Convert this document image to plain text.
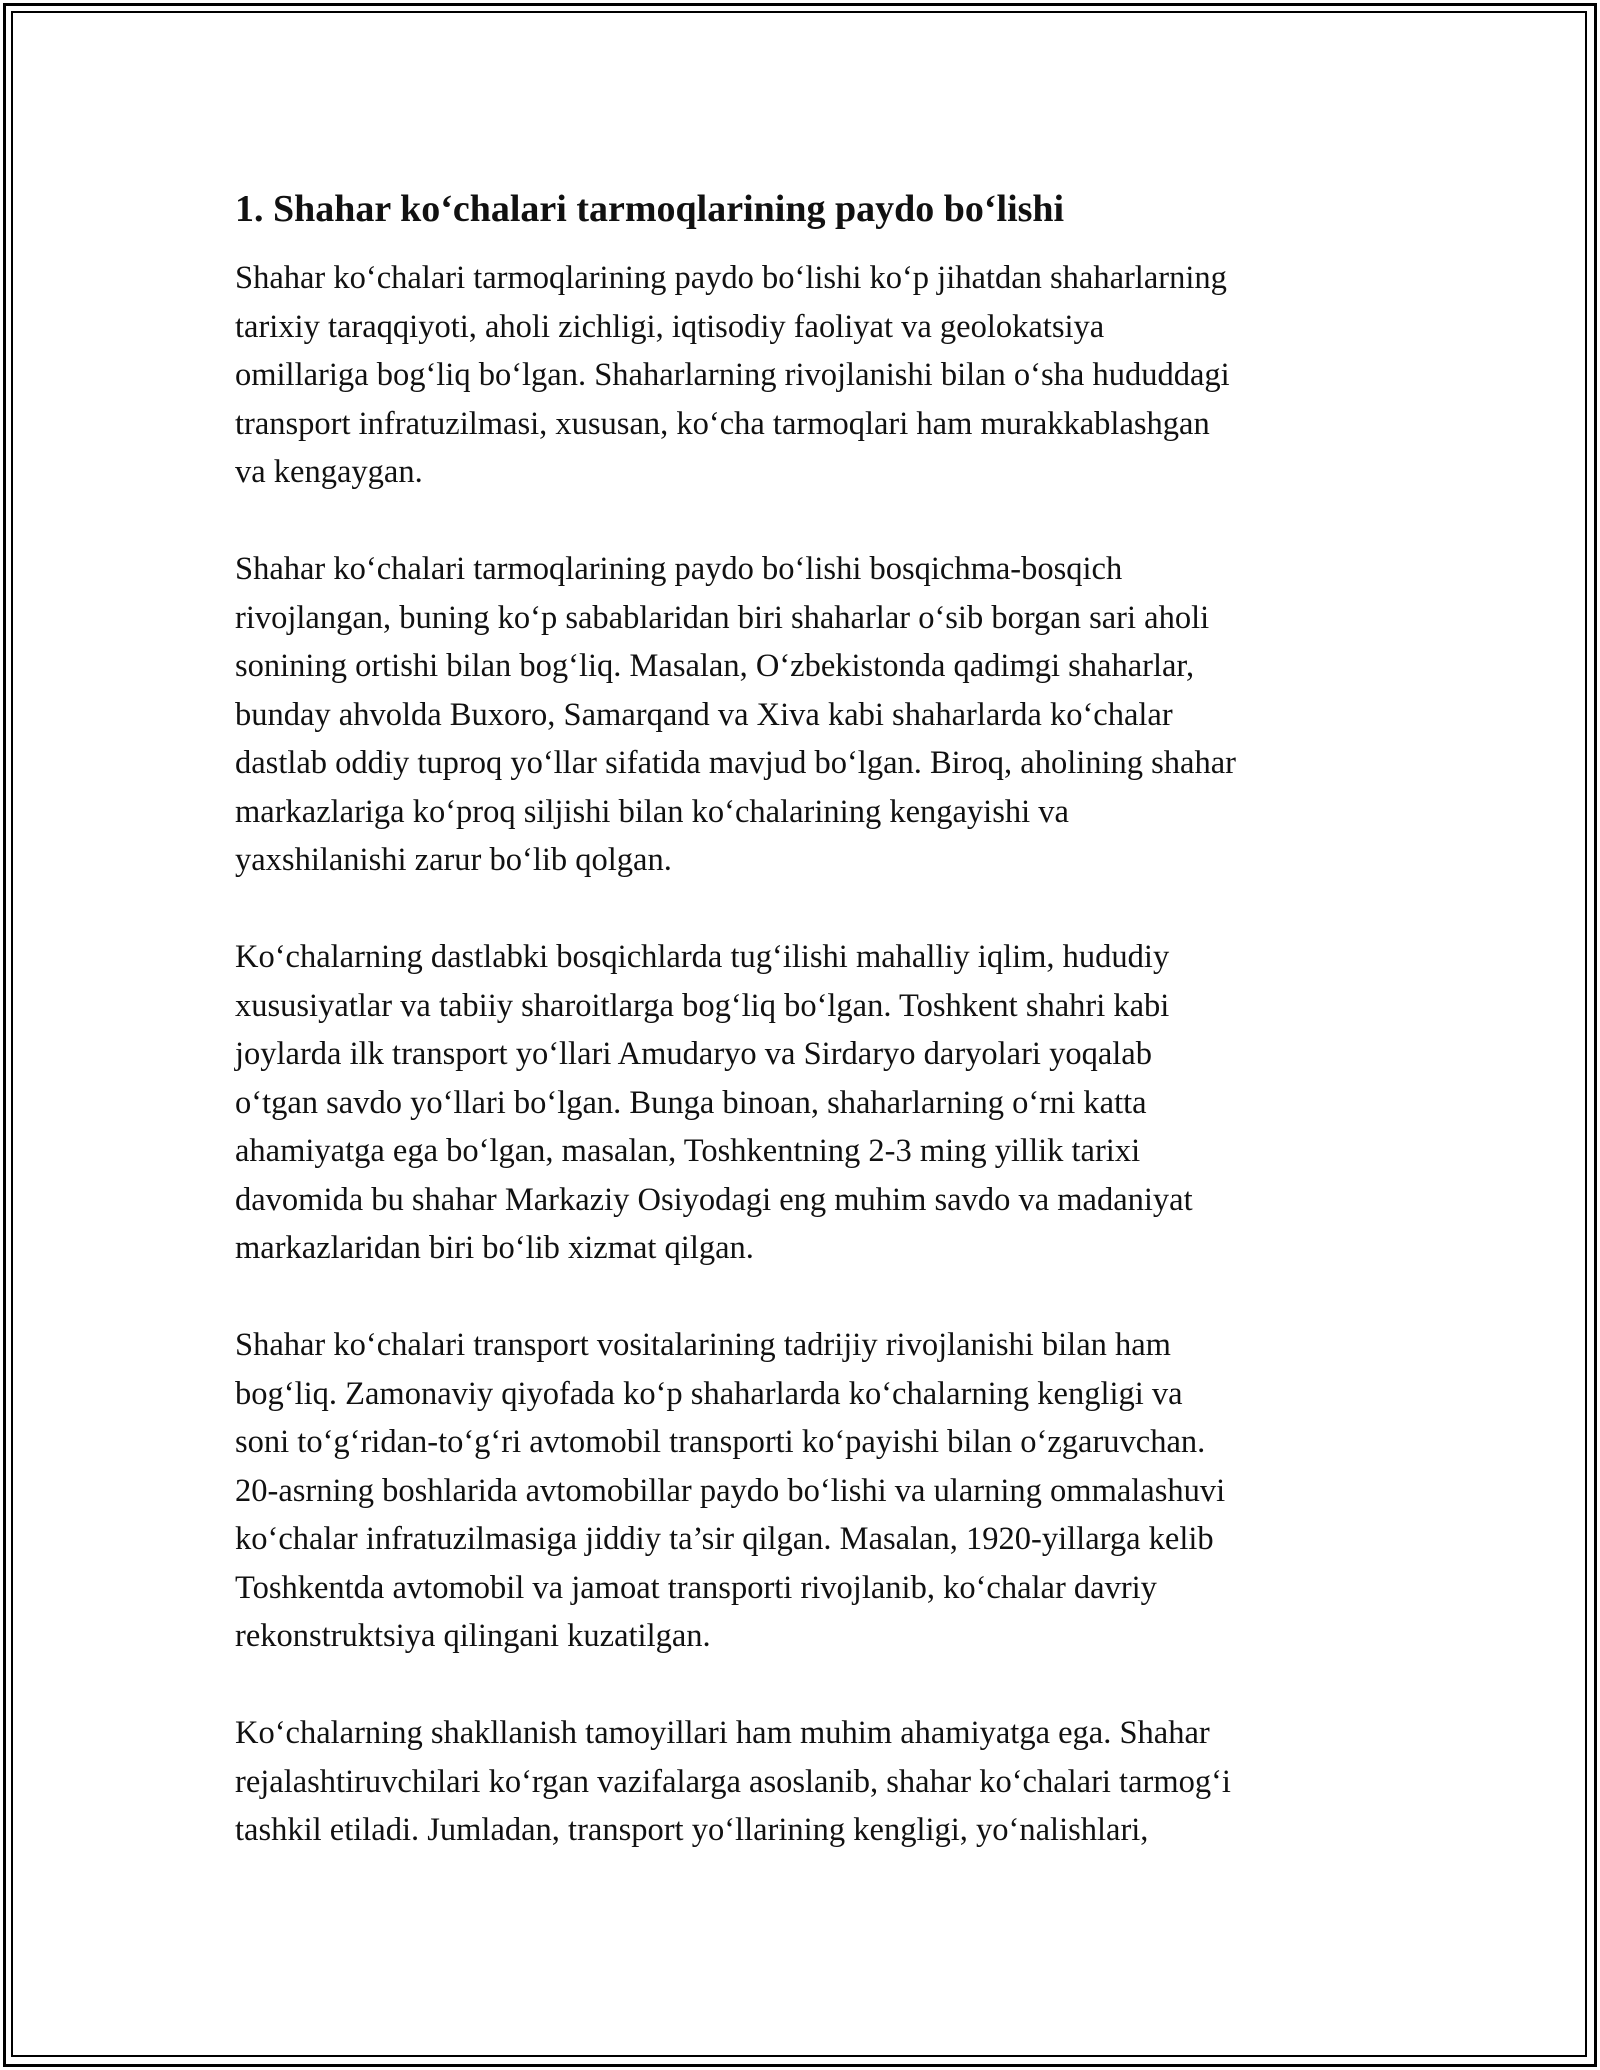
1. Shahar ko‘chalari tarmoqlarining paydo bo‘lishi

Shahar ko‘chalari tarmoqlarining paydo bo‘lishi ko‘p jihatdan shaharlarning
tarixiy taraqqiyoti, aholi zichligi, iqtisodiy faoliyat va geolokatsiya
omillariga bog‘liq bo‘lgan. Shaharlarning rivojlanishi bilan o‘sha hududdagi
transport infratuzilmasi, xususan, ko‘cha tarmoqlari ham murakkablashgan
va kengaygan.

Shahar ko‘chalari tarmoqlarining paydo bo‘lishi bosqichma-bosqich
rivojlangan, buning ko‘p sabablaridan biri shaharlar o‘sib borgan sari aholi
sonining ortishi bilan bog‘liq. Masalan, O‘zbekistonda qadimgi shaharlar,
bunday ahvolda Buxoro, Samarqand va Xiva kabi shaharlarda ko‘chalar
dastlab oddiy tuproq yo‘llar sifatida mavjud bo‘lgan. Biroq, aholining shahar
markazlariga ko‘proq siljishi bilan ko‘chalarining kengayishi va
yaxshilanishi zarur bo‘lib qolgan.

Ko‘chalarning dastlabki bosqichlarda tug‘ilishi mahalliy iqlim, hududiy
xususiyatlar va tabiiy sharoitlarga bog‘liq bo‘lgan. Toshkent shahri kabi
joylarda ilk transport yo‘llari Amudaryo va Sirdaryo daryolari yoqalab
o‘tgan savdo yo‘llari bo‘lgan. Bunga binoan, shaharlarning o‘rni katta
ahamiyatga ega bo‘lgan, masalan, Toshkentning 2-3 ming yillik tarixi
davomida bu shahar Markaziy Osiyodagi eng muhim savdo va madaniyat
markazlaridan biri bo‘lib xizmat qilgan.

Shahar ko‘chalari transport vositalarining tadrijiy rivojlanishi bilan ham
bog‘liq. Zamonaviy qiyofada ko‘p shaharlarda ko‘chalarning kengligi va
soni to‘g‘ridan-to‘g‘ri avtomobil transporti ko‘payishi bilan o‘zgaruvchan.
20-asrning boshlarida avtomobillar paydo bo‘lishi va ularning ommalashuvi
ko‘chalar infratuzilmasiga jiddiy ta’sir qilgan. Masalan, 1920-yillarga kelib
Toshkentda avtomobil va jamoat transporti rivojlanib, ko‘chalar davriy
rekonstruktsiya qilingani kuzatilgan.

Ko‘chalarning shakllanish tamoyillari ham muhim ahamiyatga ega. Shahar
rejalashtiruvchilari ko‘rgan vazifalarga asoslanib, shahar ko‘chalari tarmog‘i
tashkil etiladi. Jumladan, transport yo‘llarining kengligi, yo‘nalishlari,
